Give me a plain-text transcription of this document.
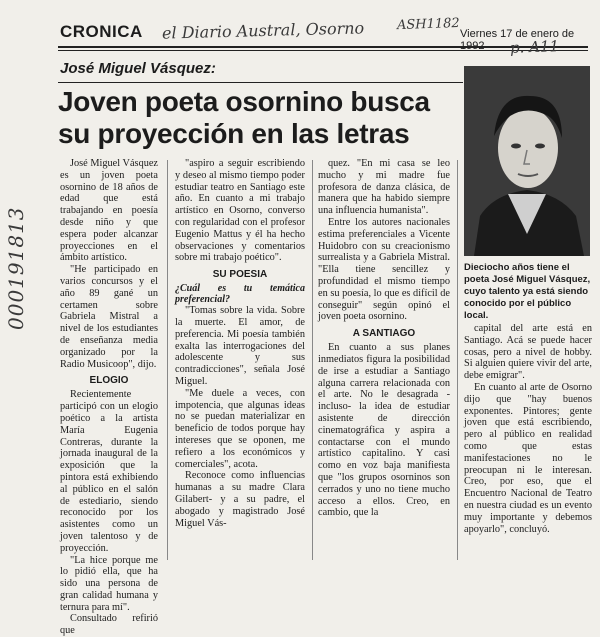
CRONICA el Diario Austral, Osorno ASH1182
Viernes 17 de enero de
p. A11
000191813
José Miguel Vásquez:
Joven poeta osornino busca su proyección en las letras
Dieciocho años tiene el poeta José Miguel Vásquez, cuyo talento ya está siendo conocido por el público local.

José Miguel Vásquez es un joven poeta osornino de 18 años de edad que está trabajando en poesía desde niño y que espera poder alcanzar proyecciones en el ámbito artístico.

"He participado en varios concursos y el año 89 gané un certamen sobre Gabriela Mistral a nivel de los estudiantes de enseñanza media organizado por la Radio Musicoop", dijo.

ELOGIO

Recientemente participó con un elogio poético a la artista María Eugenia Contreras, durante la jornada inaugural de la exposición que la pintora está exhibiendo al público en el salón de estediario, siendo reconocido por los asistentes como un joven talentoso y de proyección.

"La hice porque me lo pidió ella, que ha sido una persona de gran calidad humana y ternura para mí".

Consultado refirió que

"aspiro a seguir escribiendo y deseo al mismo tiempo poder estudiar teatro en Santiago este año. En cuanto a mi trabajo artístico en Osorno, converso con regularidad con el profesor Eugenio Mattus y él ha hecho observaciones y comentarios sobre mi trabajo poético".

SU POESIA

¿Cuál es tu temática preferencial?

"Tomas sobre la vida. Sobre la muerte. El amor, de preferencia. Mi poesía también exalta las interrogaciones del adolescente y sus contradicciones", señala José Miguel.

"Me duele a veces, con impotencia, que algunas ideas no se puedan materializar en beneficio de todos porque hay intereses que se oponen, me refiero a los económicos y comerciales", acota.

Reconoce como influencias humanas a su madre Clara Gilabert- y a su padre, el abogado y magistrado José Miguel Vás-

quez. "En mi casa se leo mucho y mi madre fue profesora de danza clásica, de manera que ha habido siempre una influencia humanista".

Entre los autores nacionales estima preferenciales a Vicente Huidobro con su creacionismo surrealista y a Gabriela Mistral. "Ella tiene sencillez y profundidad el mismo tiempo en su poesía, lo que es difícil de conseguir" según opinó el joven poeta osornino.

A SANTIAGO

En cuanto a sus planes inmediatos figura la posibilidad de irse a estudiar a Santiago alguna carrera relacionada con el arte. No le desagrada -incluso- la idea de estudiar asistente de dirección cinematográfica y aspira a contactarse con el mundo artístico capitalino. Y casi como en voz baja manifiesta que "los grupos osorninos son cerrados y uno no tiene mucho acceso a ellos. Creo, en cambio, que la

capital del arte está en Santiago. Acá se puede hacer cosas, pero a nivel de hobby. Si alguien quiere vivir del arte, debe emigrar".

En cuanto al arte de Osorno dijo que "hay buenos exponentes. Pintores; gente joven que está escribiendo, pero al público en realidad como que estas manifestaciones no le preocupan ni le interesan. Creo, por eso, que el Encuentro Nacional de Teatro en nuestra ciudad es un evento muy importante y debemos apoyarlo", concluyó.
